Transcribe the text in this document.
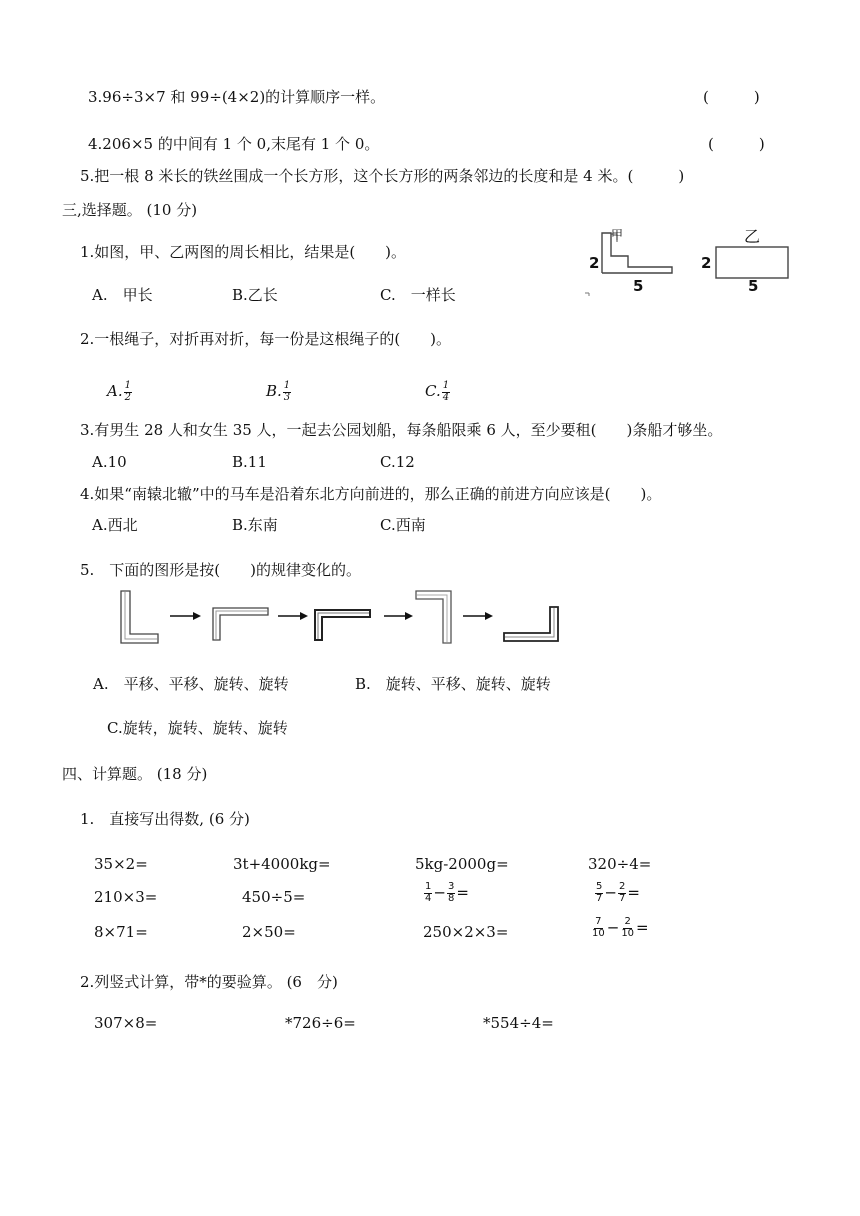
3.96÷3×7 和 99÷(4×2)的计算顺序一样。	(　　　)
4.206×5 的中间有 1 个 0,末尾有 1 个 0。	(　　　)
5.把一根 8 米长的铁丝围成一个长方形，这个长方形的两条邻边的长度和是 4 米。(　　　)
三,选择题。 (10 分)
1.如图，甲、乙两图的周长相比，结果是(　　)。
A.　甲长	B.乙长	C.　一样长
甲
2
5
乙
2
5
2.一根绳子，对折再对折，每一份是这根绳子的(　　)。
A. $\frac{1}{2}$	B. $\frac{1}{3}$	C. $\frac{1}{4}$
3.有男生 28 人和女生 35 人，一起去公园划船，每条船限乘 6 人，至少要租(　　)条船才够坐。
A.10	B.11	C.12
4.如果“南辕北辙”中的马车是沿着东北方向前进的，那么正确的前进方向应该是(　　)。
A.西北	B.东南	C.西南
5.　下面的图形是按(　　)的规律变化的。
A.　平移、平移、旋转、旋转	B.　旋转、平移、旋转、旋转
C.旋转，旋转、旋转、旋转
四、计算题。 (18 分)
1.　直接写出得数, (6 分)
35×2=	3t+4000kg=	5kg-2000g=	320÷4=
210×3=	450÷5=	$\frac{1}{4} - \frac{3}{8}$ =	$\frac{5}{7} - \frac{2}{7}$ =
8×71=	2×50=	250×2×3=	$\frac{7}{10} - \frac{2}{10}$ =
2.列竖式计算，带*的要验算。 (6　分)
307×8=	*726÷6=	*554÷4=
